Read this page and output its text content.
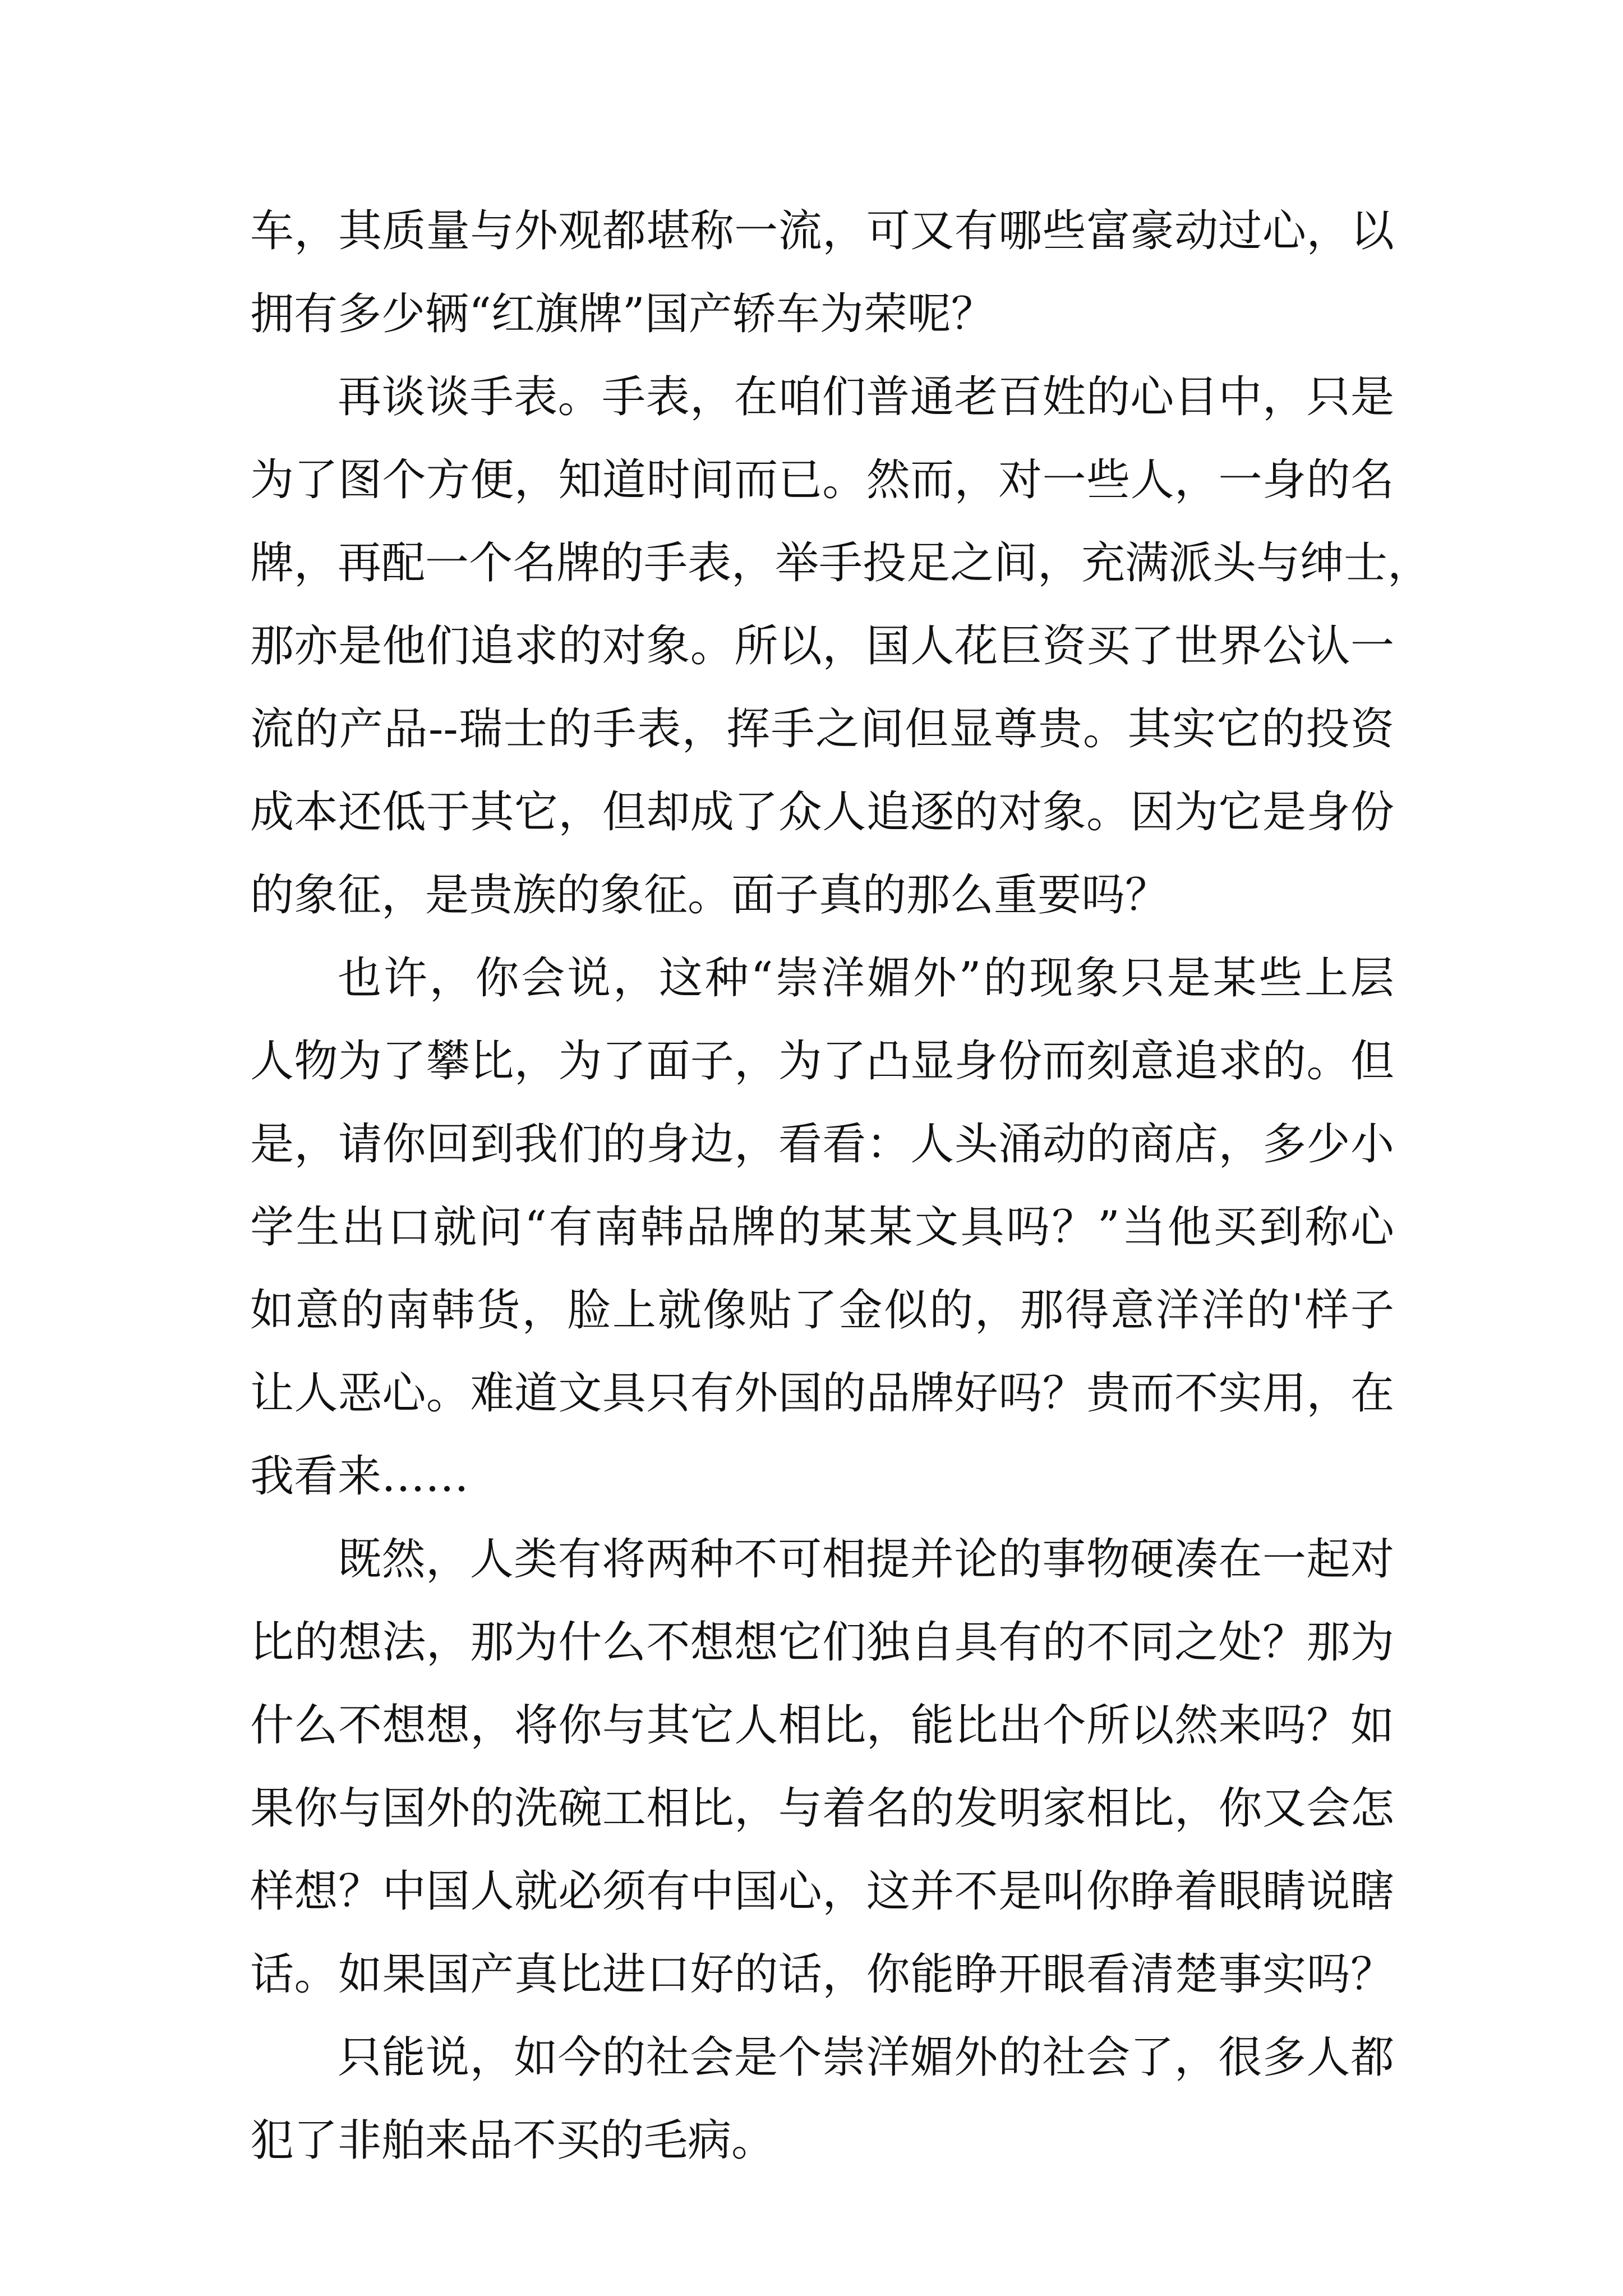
车，其质量与外观都堪称一流，可又有哪些富豪动过心，以
拥有多少辆“红旗牌”国产轿车为荣呢？
再谈谈手表。手表，在咱们普通老百姓的心目中，只是
为了图个方便，知道时间而已。然而，对一些人，一身的名
牌，再配一个名牌的手表，举手投足之间，充满派头与绅士，
那亦是他们追求的对象。所以，国人花巨资买了世界公认一
流的产品--瑞士的手表，挥手之间但显尊贵。其实它的投资
成本还低于其它，但却成了众人追逐的对象。因为它是身份
的象征，是贵族的象征。面子真的那么重要吗？
也许，你会说，这种“崇洋媚外”的现象只是某些上层
人物为了攀比，为了面子，为了凸显身份而刻意追求的。但
是，请你回到我们的身边，看看：人头涌动的商店，多少小
学生出口就问“有南韩品牌的某某文具吗？”当他买到称心
如意的南韩货，脸上就像贴了金似的，那得意洋洋的'样子
让人恶心。难道文具只有外国的品牌好吗？贵而不实用，在
我看来……
既然，人类有将两种不可相提并论的事物硬凑在一起对
比的想法，那为什么不想想它们独自具有的不同之处？那为
什么不想想，将你与其它人相比，能比出个所以然来吗？如
果你与国外的洗碗工相比，与着名的发明家相比，你又会怎
样想？中国人就必须有中国心，这并不是叫你睁着眼睛说瞎
话。如果国产真比进口好的话，你能睁开眼看清楚事实吗？
只能说，如今的社会是个崇洋媚外的社会了，很多人都
犯了非舶来品不买的毛病。
